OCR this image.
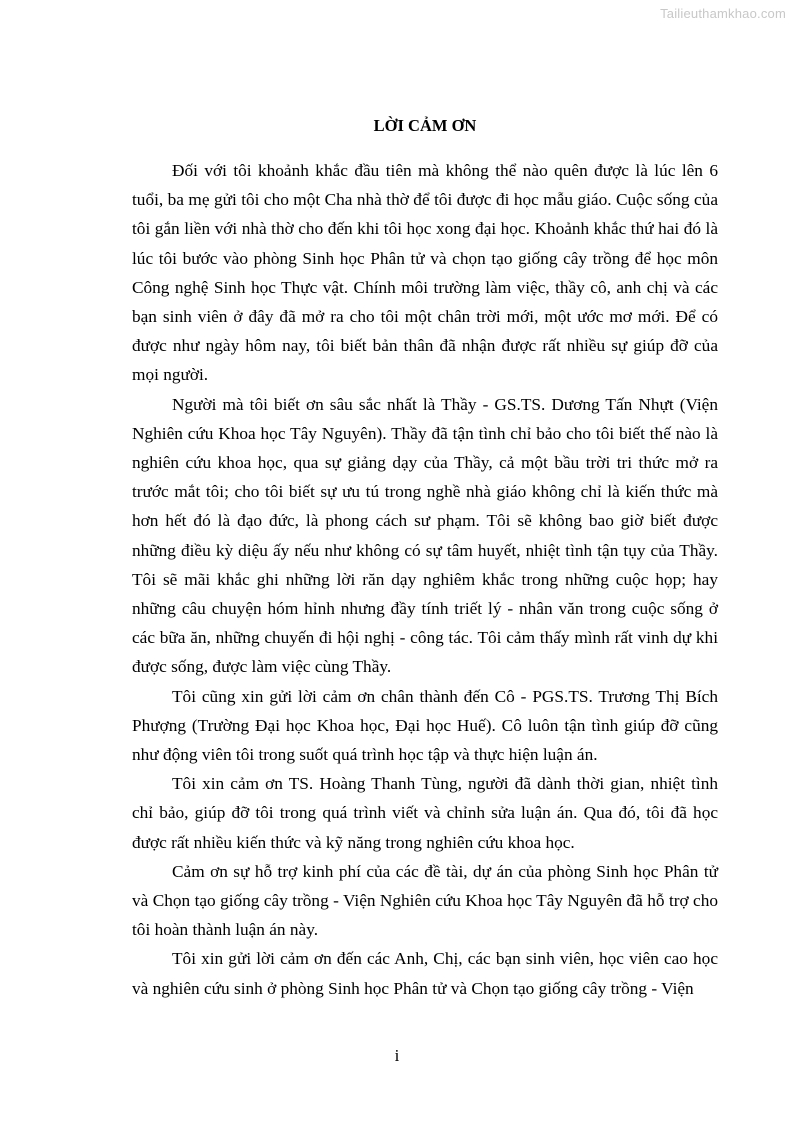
Tailieuthamkhao.com
LỜI CẢM ƠN

Đối với tôi khoảnh khắc đầu tiên mà không thể nào quên được là lúc lên 6 tuổi, ba mẹ gửi tôi cho một Cha nhà thờ để tôi được đi học mẫu giáo. Cuộc sống của tôi gắn liền với nhà thờ cho đến khi tôi học xong đại học. Khoảnh khắc thứ hai đó là lúc tôi bước vào phòng Sinh học Phân tử và chọn tạo giống cây trồng để học môn Công nghệ Sinh học Thực vật. Chính môi trường làm việc, thầy cô, anh chị và các bạn sinh viên ở đây đã mở ra cho tôi một chân trời mới, một ước mơ mới. Để có được như ngày hôm nay, tôi biết bản thân đã nhận được rất nhiều sự giúp đỡ của mọi người.

Người mà tôi biết ơn sâu sắc nhất là Thầy - GS.TS. Dương Tấn Nhựt (Viện Nghiên cứu Khoa học Tây Nguyên). Thầy đã tận tình chỉ bảo cho tôi biết thế nào là nghiên cứu khoa học, qua sự giảng dạy của Thầy, cả một bầu trời tri thức mở ra trước mắt tôi; cho tôi biết sự ưu tú trong nghề nhà giáo không chỉ là kiến thức mà hơn hết đó là đạo đức, là phong cách sư phạm. Tôi sẽ không bao giờ biết được những điều kỳ diệu ấy nếu như không có sự tâm huyết, nhiệt tình tận tụy của Thầy. Tôi sẽ mãi khắc ghi những lời răn dạy nghiêm khắc trong những cuộc họp; hay những câu chuyện hóm hỉnh nhưng đầy tính triết lý - nhân văn trong cuộc sống ở các bữa ăn, những chuyến đi hội nghị - công tác. Tôi cảm thấy mình rất vinh dự khi được sống, được làm việc cùng Thầy.

Tôi cũng xin gửi lời cảm ơn chân thành đến Cô - PGS.TS. Trương Thị Bích Phượng (Trường Đại học Khoa học, Đại học Huế). Cô luôn tận tình giúp đỡ cũng như động viên tôi trong suốt quá trình học tập và thực hiện luận án.

Tôi xin cảm ơn TS. Hoàng Thanh Tùng, người đã dành thời gian, nhiệt tình chỉ bảo, giúp đỡ tôi trong quá trình viết và chỉnh sửa luận án. Qua đó, tôi đã học được rất nhiều kiến thức và kỹ năng trong nghiên cứu khoa học.

Cảm ơn sự hỗ trợ kinh phí của các đề tài, dự án của phòng Sinh học Phân tử và Chọn tạo giống cây trồng - Viện Nghiên cứu Khoa học Tây Nguyên đã hỗ trợ cho tôi hoàn thành luận án này.

Tôi xin gửi lời cảm ơn đến các Anh, Chị, các bạn sinh viên, học viên cao học và nghiên cứu sinh ở phòng Sinh học Phân tử và Chọn tạo giống cây trồng - Viện

i
